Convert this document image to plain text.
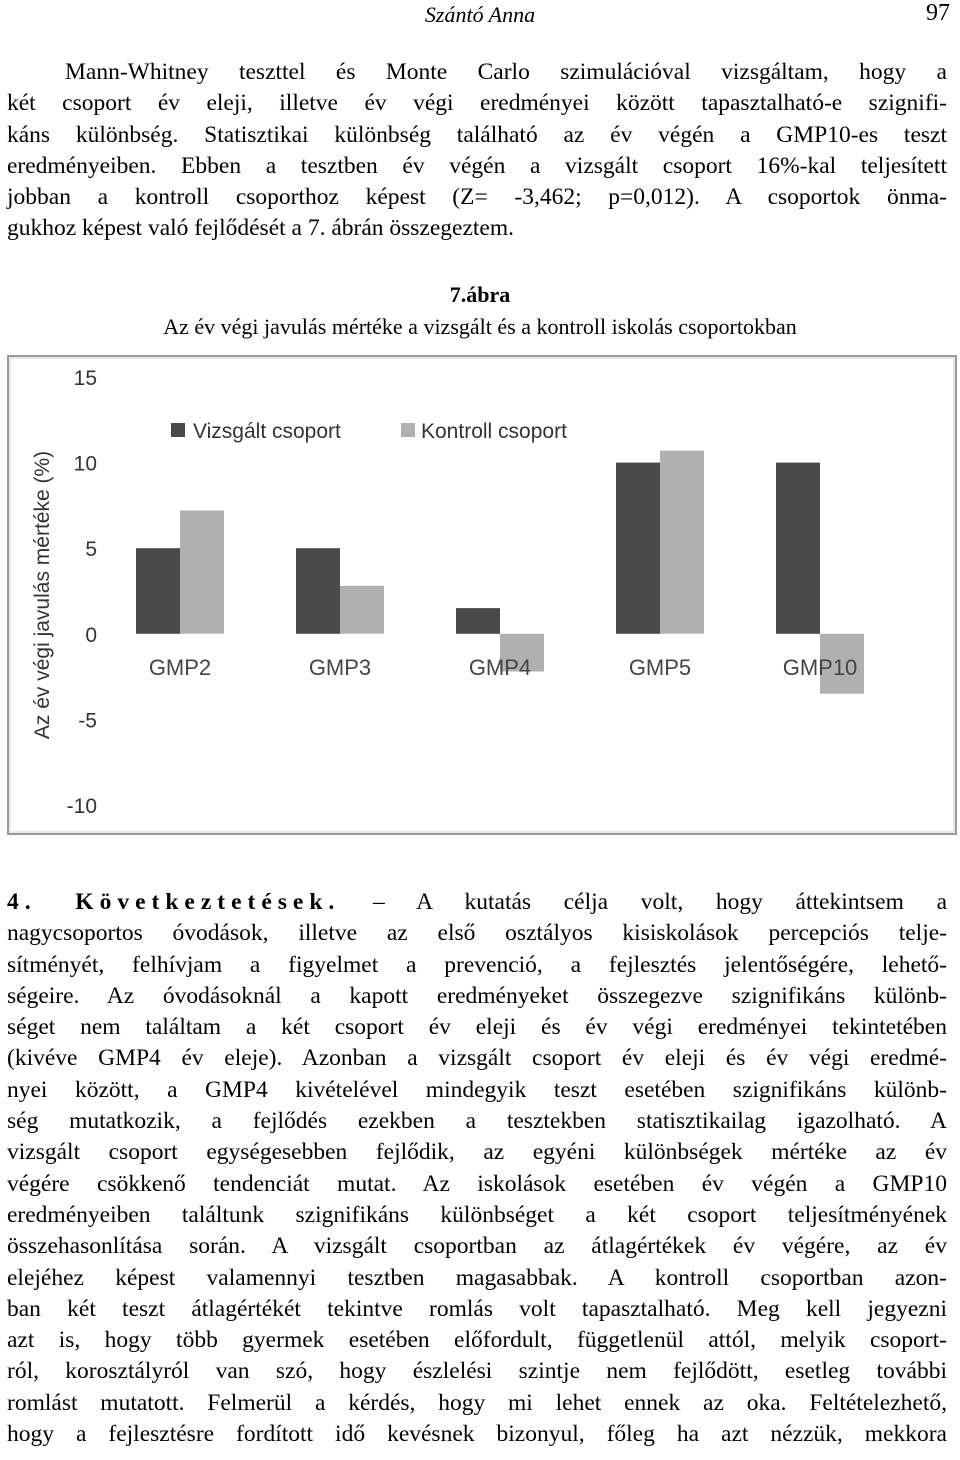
Szántó Anna	97
Mann-Whitney teszttel és Monte Carlo szimulációval vizsgáltam, hogy a
két csoport év eleji, illetve év végi eredményei között tapasztalható-e szignifi-
káns különbség. Statisztikai különbség található az év végén a GMP10-es teszt
eredményeiben. Ebben a tesztben év végén a vizsgált csoport 16%-kal teljesített
jobban a kontroll csoporthoz képest (Z= -3,462; p=0,012). A csoportok önma-
gukhoz képest való fejlődését a 7. ábrán összegeztem.
7.ábra
Az év végi javulás mértéke a vizsgált és a kontroll iskolás csoportokban
15
10
5
0
-5
-10
Az év végi javulás mértéke (%)
Vizsgált csoport	Kontroll csoport
GMP2	GMP3	GMP4	GMP5	GMP10
4. Következtetések. – A kutatás célja volt, hogy áttekintsem a
nagycsoportos óvodások, illetve az első osztályos kisiskolások percepciós telje-
sítményét, felhívjam a figyelmet a prevenció, a fejlesztés jelentőségére, lehető-
ségeire. Az óvodásoknál a kapott eredményeket összegezve szignifikáns különb-
séget nem találtam a két csoport év eleji és év végi eredményei tekintetében
(kivéve GMP4 év eleje). Azonban a vizsgált csoport év eleji és év végi eredmé-
nyei között, a GMP4 kivételével mindegyik teszt esetében szignifikáns különb-
ség mutatkozik, a fejlődés ezekben a tesztekben statisztikailag igazolható. A
vizsgált csoport egységesebben fejlődik, az egyéni különbségek mértéke az év
végére csökkenő tendenciát mutat. Az iskolások esetében év végén a GMP10
eredményeiben találtunk szignifikáns különbséget a két csoport teljesítményének
összehasonlítása során. A vizsgált csoportban az átlagértékek év végére, az év
elejéhez képest valamennyi tesztben magasabbak. A kontroll csoportban azon-
ban két teszt átlagértékét tekintve romlás volt tapasztalható. Meg kell jegyezni
azt is, hogy több gyermek esetében előfordult, függetlenül attól, melyik csoport-
ról, korosztályról van szó, hogy észlelési szintje nem fejlődött, esetleg további
romlást mutatott. Felmerül a kérdés, hogy mi lehet ennek az oka. Feltételezhető,
hogy a fejlesztésre fordított idő kevésnek bizonyul, főleg ha azt nézzük, mekkora
